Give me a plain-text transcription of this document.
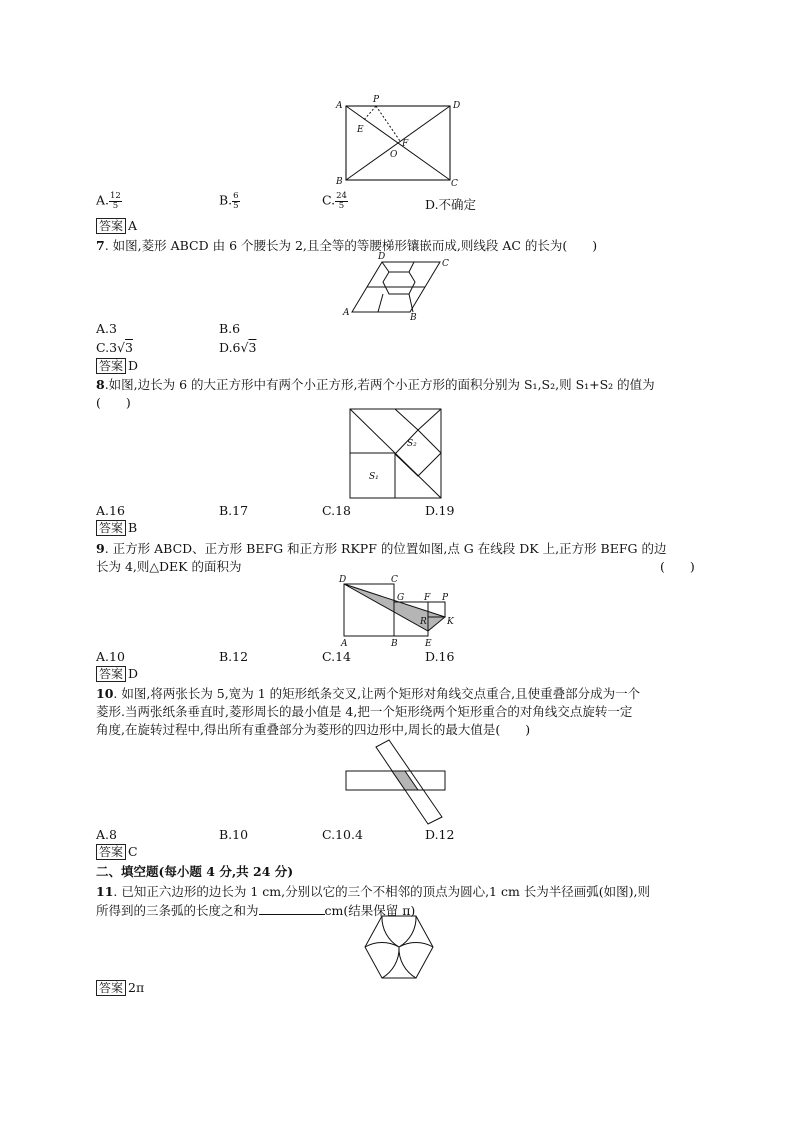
A
P
D
E
F
O
B	C
A. $\frac{12}{5}$	B. $\frac{6}{5}$	C. $\frac{24}{5}$	D.不确定
答案 A
7. 如图,菱形 ABCD 由 6 个腰长为 2,且全等的等腰梯形镶嵌而成,则线段 AC 的长为(　　)
D
C
A	B
A.3	B.6
C.3√3	D.6√3
答案 D
8.如图,边长为 6 的大正方形中有两个小正方形,若两个小正方形的面积分别为 S₁,S₂,则 S₁+S₂ 的值为
(　　)
S₂
S₁
A.16	B.17	C.18	D.19
答案 B
9. 正方形 ABCD、正方形 BEFG 和正方形 RKPF 的位置如图,点 G 在线段 DK 上,正方形 BEFG 的边
长为 4,则△DEK 的面积为	(　　)
D	C
G F P
R K
A	B	E
A.10	B.12	C.14	D.16
答案 D
10. 如图,将两张长为 5,宽为 1 的矩形纸条交叉,让两个矩形对角线交点重合,且使重叠部分成为一个
菱形.当两张纸条垂直时,菱形周长的最小值是 4,把一个矩形绕两个矩形重合的对角线交点旋转一定
角度,在旋转过程中,得出所有重叠部分为菱形的四边形中,周长的最大值是(　　)
A.8	B.10	C.10.4	D.12
答案 C
二、填空题(每小题 4 分,共 24 分)
11. 已知正六边形的边长为 1 cm,分别以它的三个不相邻的顶点为圆心,1 cm 长为半径画弧(如图),则
所得到的三条弧的长度之和为	cm(结果保留 π)
答案 2π
